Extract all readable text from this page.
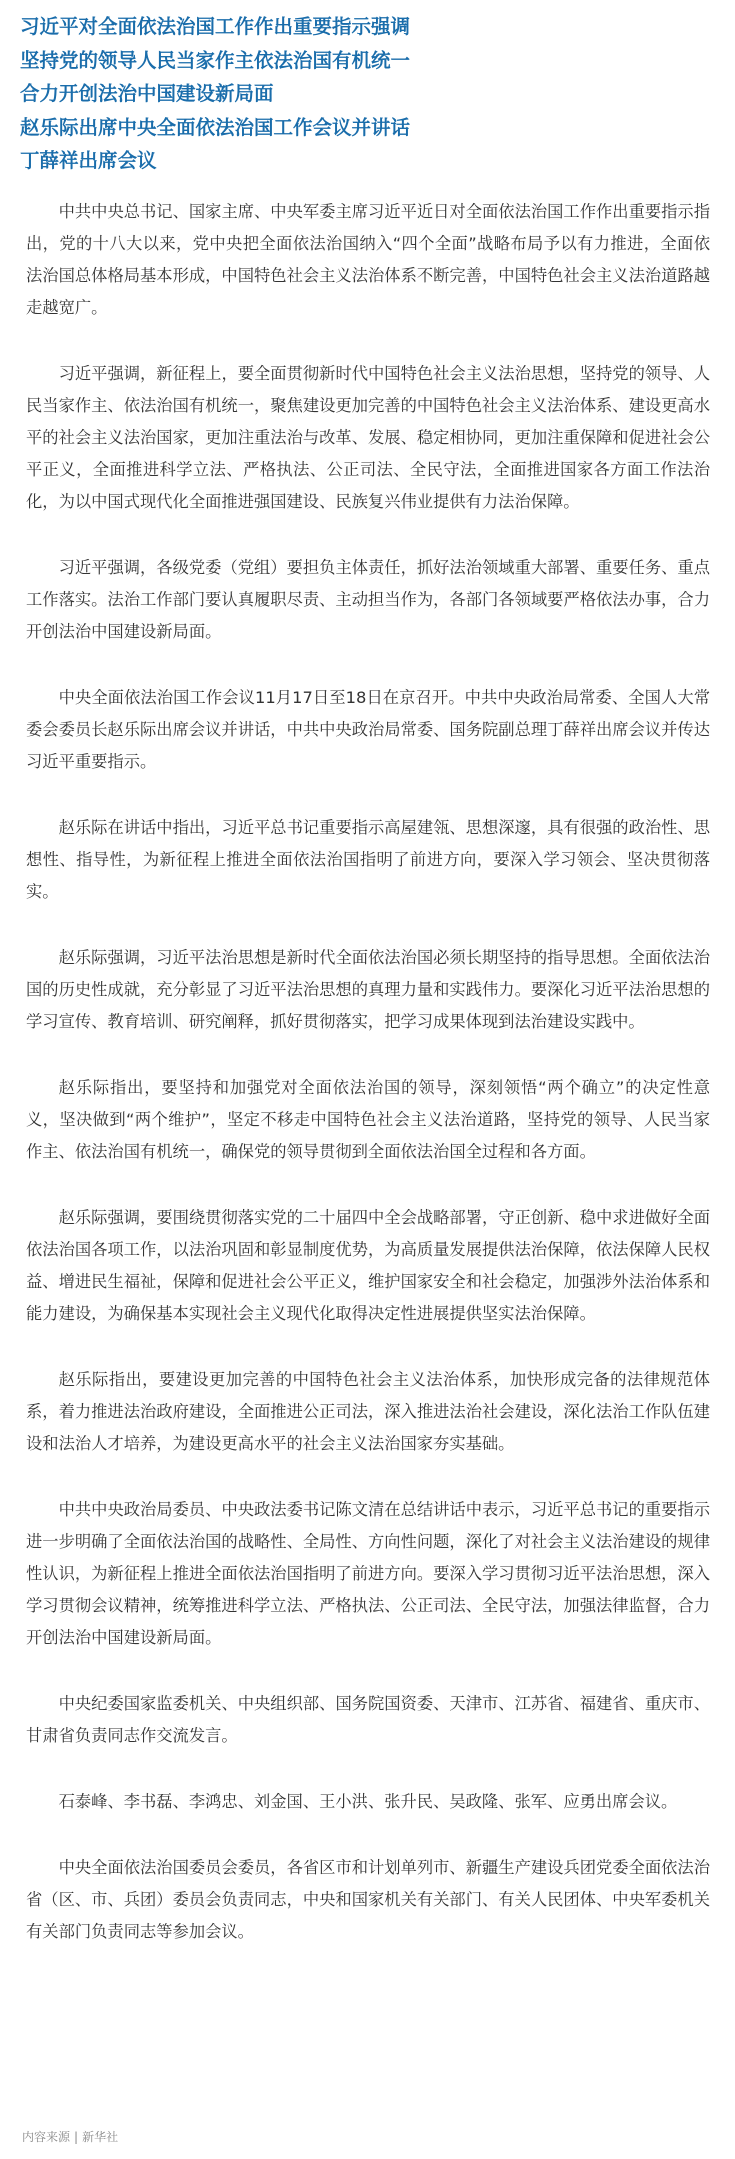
习近平对全面依法治国工作作出重要指示强调
坚持党的领导人民当家作主依法治国有机统一
合力开创法治中国建设新局面
赵乐际出席中央全面依法治国工作会议并讲话
丁薛祥出席会议

中共中央总书记、国家主席、中央军委主席习近平近日对全面依法治国工作作出重要指示指出，党的十八大以来，党中央把全面依法治国纳入“四个全面”战略布局予以有力推进，全面依法治国总体格局基本形成，中国特色社会主义法治体系不断完善，中国特色社会主义法治道路越走越宽广。

习近平强调，新征程上，要全面贯彻新时代中国特色社会主义法治思想，坚持党的领导、人民当家作主、依法治国有机统一，聚焦建设更加完善的中国特色社会主义法治体系、建设更高水平的社会主义法治国家，更加注重法治与改革、发展、稳定相协同，更加注重保障和促进社会公平正义，全面推进科学立法、严格执法、公正司法、全民守法，全面推进国家各方面工作法治化，为以中国式现代化全面推进强国建设、民族复兴伟业提供有力法治保障。

习近平强调，各级党委（党组）要担负主体责任，抓好法治领域重大部署、重要任务、重点工作落实。法治工作部门要认真履职尽责、主动担当作为，各部门各领域要严格依法办事，合力开创法治中国建设新局面。

中央全面依法治国工作会议11月17日至18日在京召开。中共中央政治局常委、全国人大常委会委员长赵乐际出席会议并讲话，中共中央政治局常委、国务院副总理丁薛祥出席会议并传达习近平重要指示。

赵乐际在讲话中指出，习近平总书记重要指示高屋建瓴、思想深邃，具有很强的政治性、思想性、指导性，为新征程上推进全面依法治国指明了前进方向，要深入学习领会、坚决贯彻落实。

赵乐际强调，习近平法治思想是新时代全面依法治国必须长期坚持的指导思想。全面依法治国的历史性成就，充分彰显了习近平法治思想的真理力量和实践伟力。要深化习近平法治思想的学习宣传、教育培训、研究阐释，抓好贯彻落实，把学习成果体现到法治建设实践中。

赵乐际指出，要坚持和加强党对全面依法治国的领导，深刻领悟“两个确立”的决定性意义，坚决做到“两个维护”，坚定不移走中国特色社会主义法治道路，坚持党的领导、人民当家作主、依法治国有机统一，确保党的领导贯彻到全面依法治国全过程和各方面。

赵乐际强调，要围绕贯彻落实党的二十届四中全会战略部署，守正创新、稳中求进做好全面依法治国各项工作，以法治巩固和彰显制度优势，为高质量发展提供法治保障，依法保障人民权益、增进民生福祉，保障和促进社会公平正义，维护国家安全和社会稳定，加强涉外法治体系和能力建设，为确保基本实现社会主义现代化取得决定性进展提供坚实法治保障。

赵乐际指出，要建设更加完善的中国特色社会主义法治体系，加快形成完备的法律规范体系，着力推进法治政府建设，全面推进公正司法，深入推进法治社会建设，深化法治工作队伍建设和法治人才培养，为建设更高水平的社会主义法治国家夯实基础。

中共中央政治局委员、中央政法委书记陈文清在总结讲话中表示，习近平总书记的重要指示进一步明确了全面依法治国的战略性、全局性、方向性问题，深化了对社会主义法治建设的规律性认识，为新征程上推进全面依法治国指明了前进方向。要深入学习贯彻习近平法治思想，深入学习贯彻会议精神，统筹推进科学立法、严格执法、公正司法、全民守法，加强法律监督，合力开创法治中国建设新局面。

中央纪委国家监委机关、中央组织部、国务院国资委、天津市、江苏省、福建省、重庆市、甘肃省负责同志作交流发言。

石泰峰、李书磊、李鸿忠、刘金国、王小洪、张升民、吴政隆、张军、应勇出席会议。

中央全面依法治国委员会委员，各省区市和计划单列市、新疆生产建设兵团党委全面依法治省（区、市、兵团）委员会负责同志，中央和国家机关有关部门、有关人民团体、中央军委机关有关部门负责同志等参加会议。

内容来源 | 新华社
